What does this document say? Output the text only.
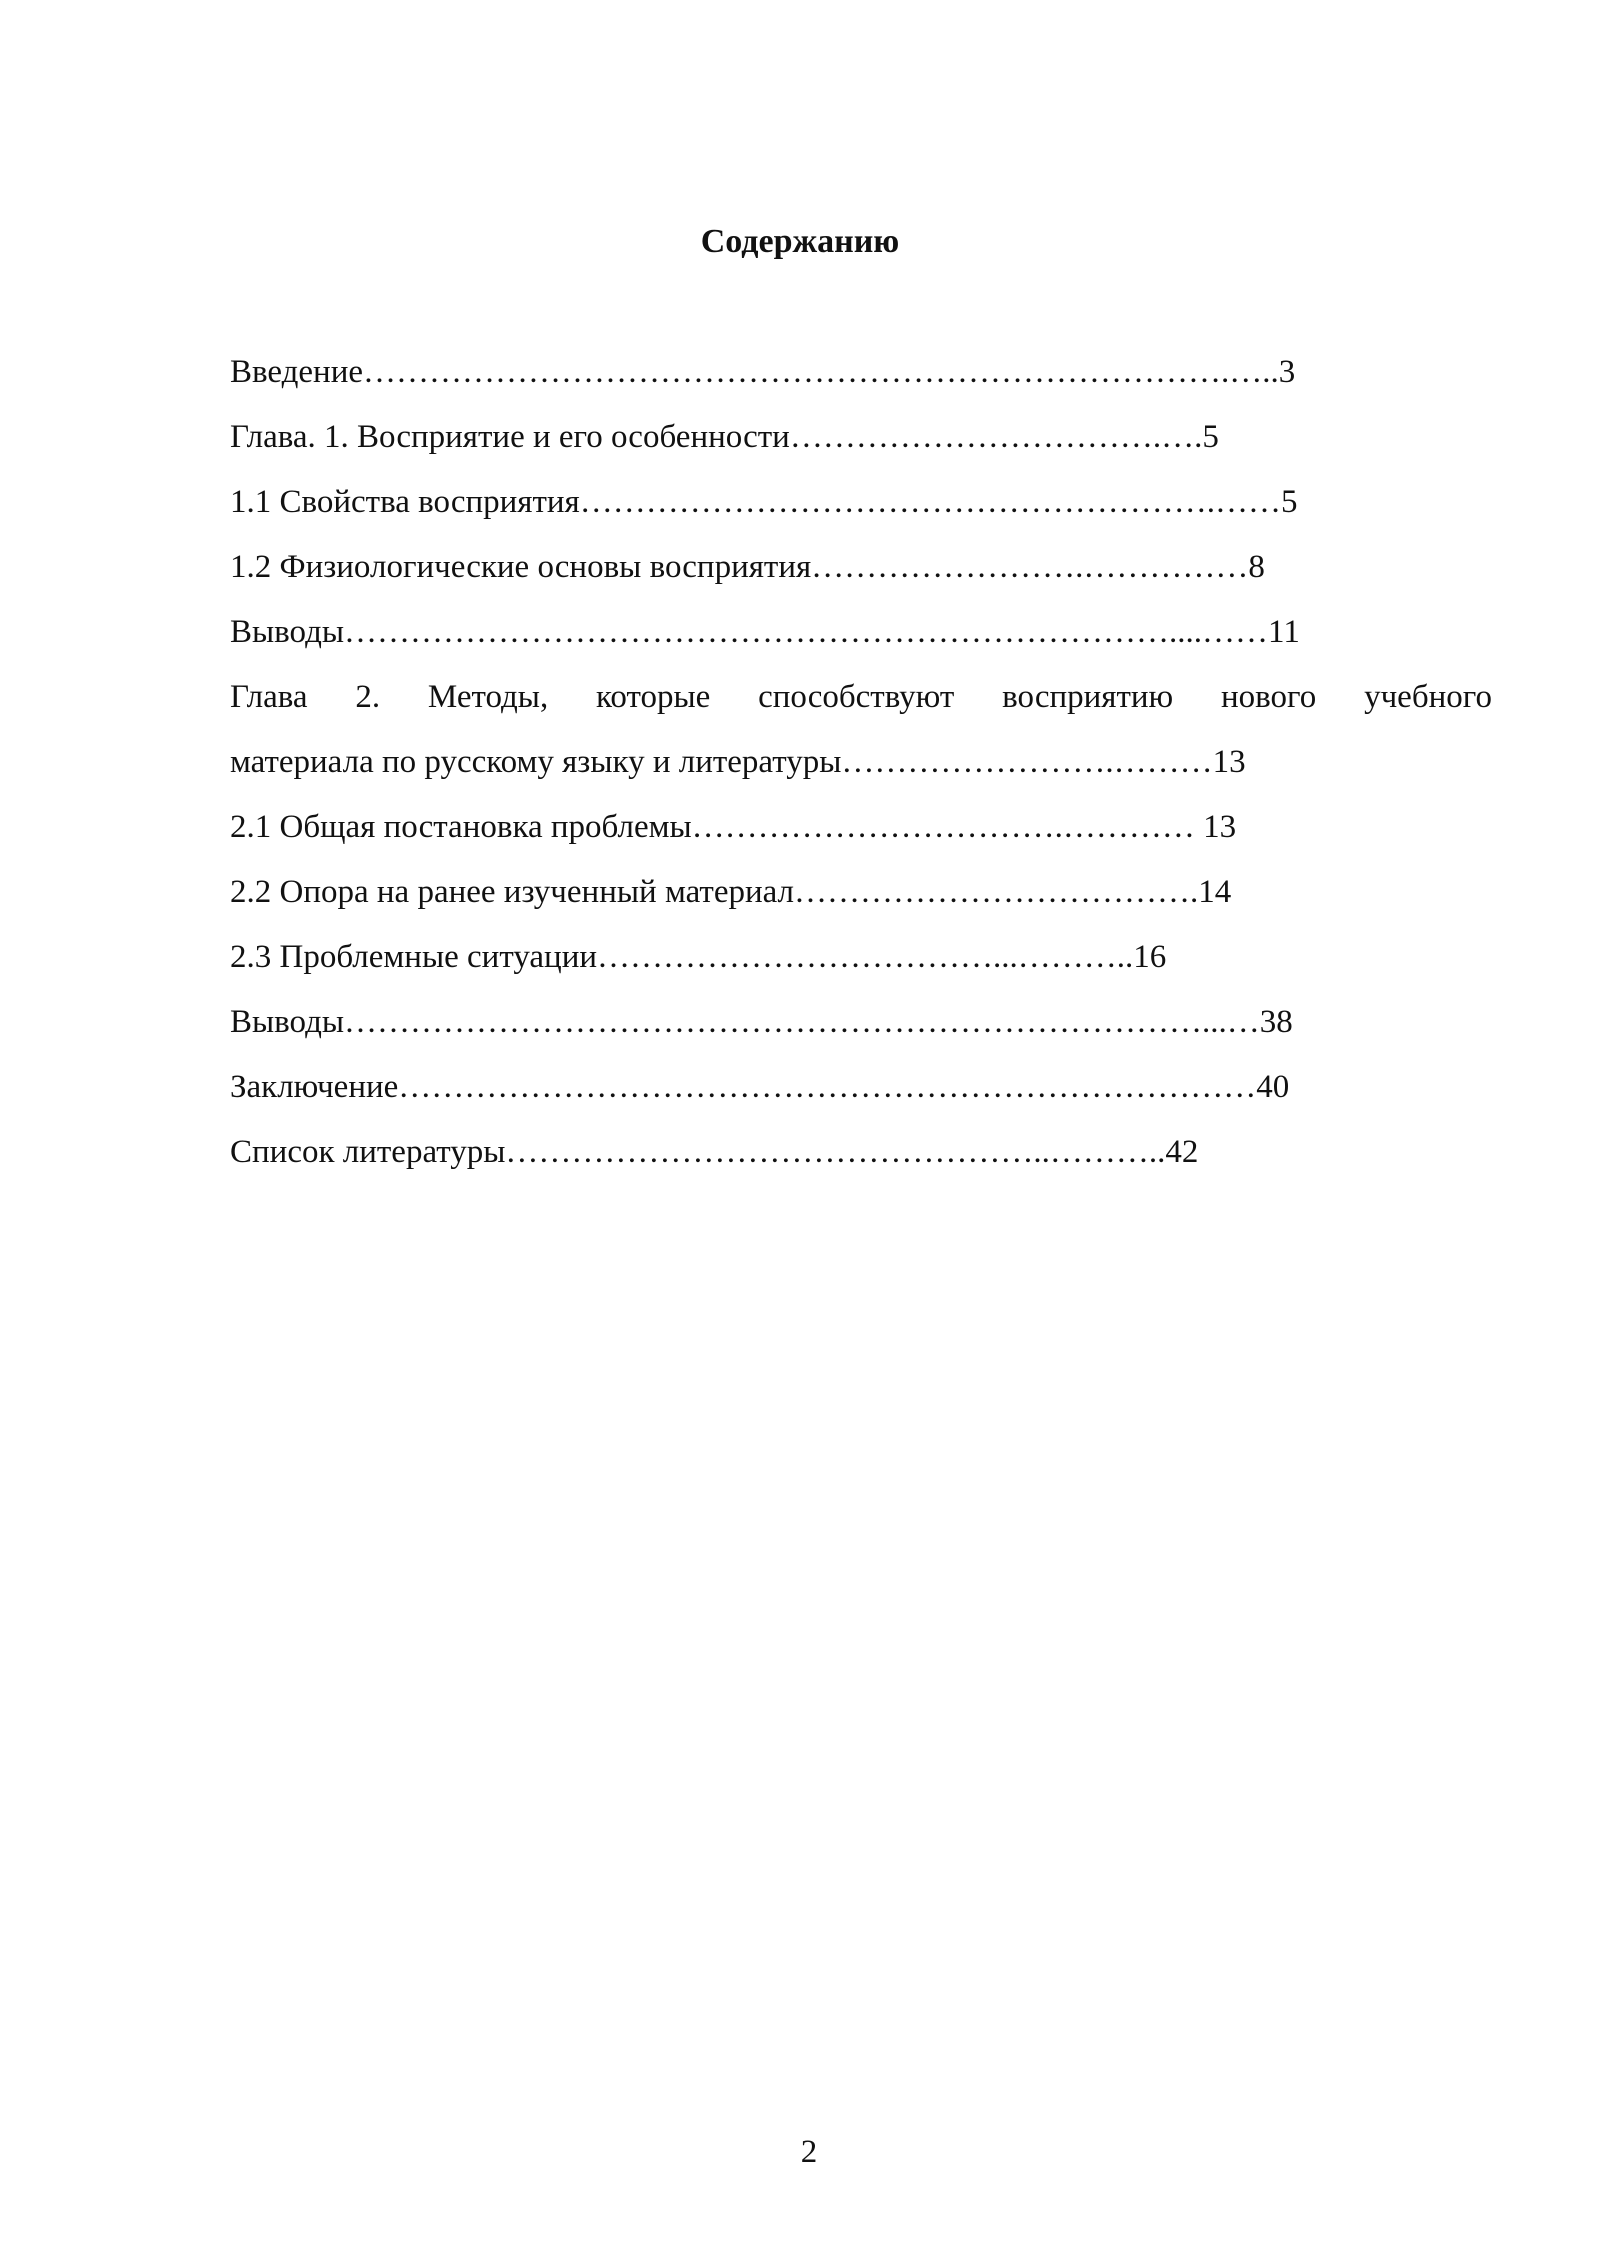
Содержанию
Введение…………………………………………………………………….…..3
Глава. 1. Восприятие и его особенности…………………………….….5
1.1 Свойства восприятия………………………………………………….……5
1.2 Физиологические основы восприятия…………………….……………8
Выводы…………………………………………………………………....……11
Глава 2. Методы, которые способствуют восприятию нового учебного
материала по русскому языку и литературы…………………….………13
2.1 Общая постановка проблемы…………………………….………… 13
2.2 Опора на ранее изученный материал……………………………….14
2.3 Проблемные ситуации………………………………...………..16
Выводы……………………………………………………………………...…38
Заключение……………………………………………………………………40
Список литературы…………………………………………..………..42
2
